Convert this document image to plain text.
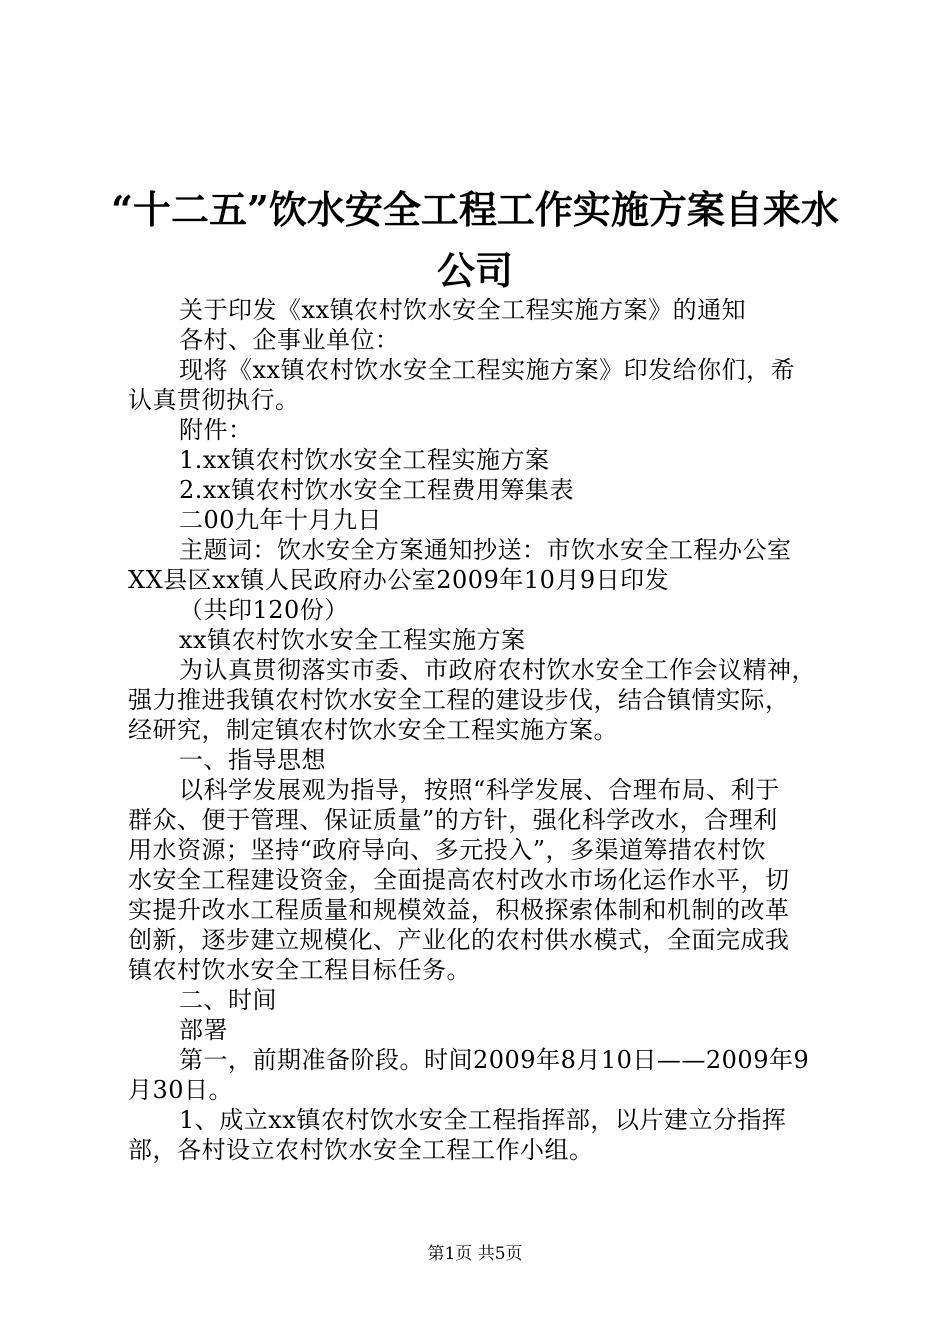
“十二五”饮水安全工程工作实施方案自来水
公司
关于印发《xx镇农村饮水安全工程实施方案》的通知
各村、企事业单位：
现将《xx镇农村饮水安全工程实施方案》印发给你们，希
认真贯彻执行。
附件：
1.xx镇农村饮水安全工程实施方案
2.xx镇农村饮水安全工程费用筹集表
二00九年十月九日
主题词：饮水安全方案通知抄送：市饮水安全工程办公室
XX县区xx镇人民政府办公室2009年10月9日印发
（共印120份）
xx镇农村饮水安全工程实施方案
为认真贯彻落实市委、市政府农村饮水安全工作会议精神，
强力推进我镇农村饮水安全工程的建设步伐，结合镇情实际，
经研究，制定镇农村饮水安全工程实施方案。
一、指导思想
以科学发展观为指导，按照“科学发展、合理布局、利于
群众、便于管理、保证质量”的方针，强化科学改水，合理利
用水资源；坚持“政府导向、多元投入”，多渠道筹措农村饮
水安全工程建设资金，全面提高农村改水市场化运作水平，切
实提升改水工程质量和规模效益，积极探索体制和机制的改革
创新，逐步建立规模化、产业化的农村供水模式，全面完成我
镇农村饮水安全工程目标任务。
二、时间
部署
第一，前期准备阶段。时间2009年8月10日——2009年9
月30日。
1、成立xx镇农村饮水安全工程指挥部，以片建立分指挥
部，各村设立农村饮水安全工程工作小组。
第1页 共5页
